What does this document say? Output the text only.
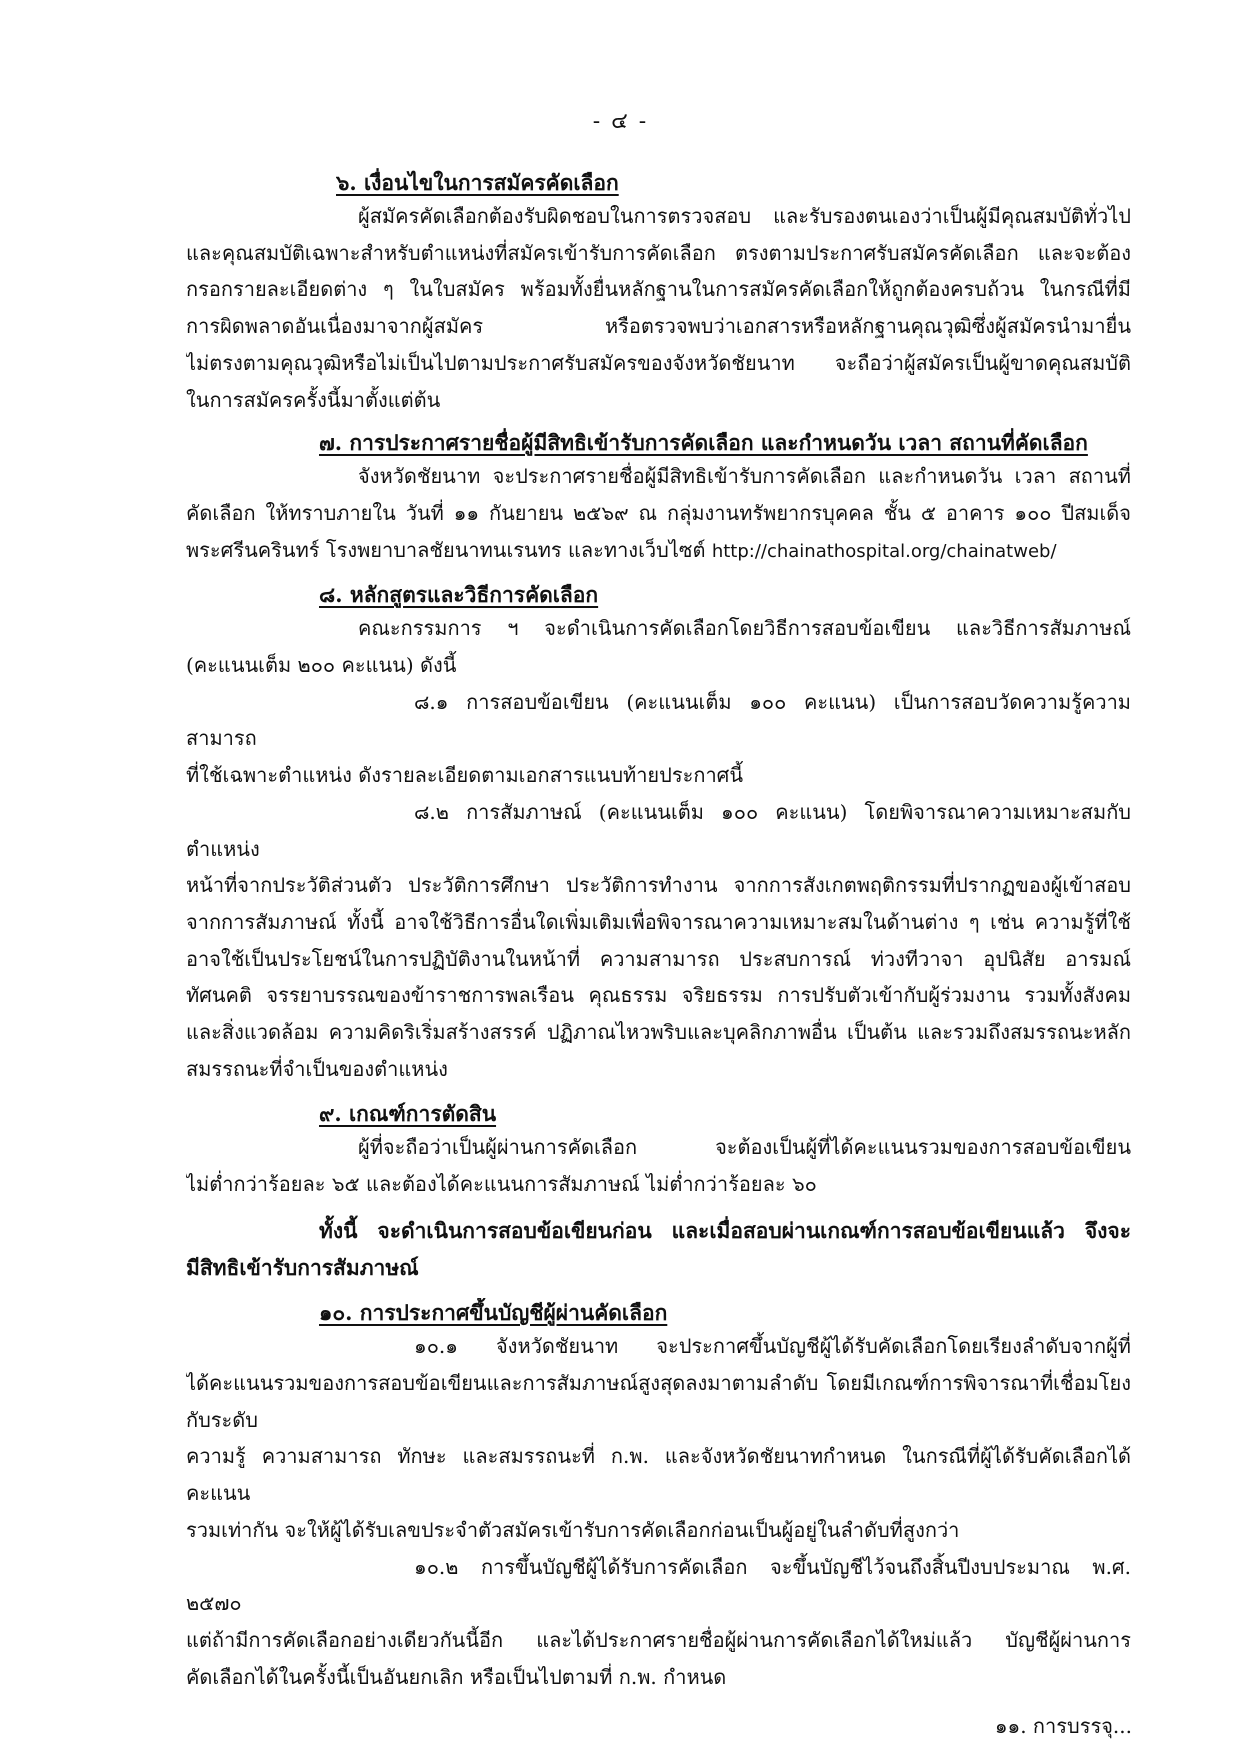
- ๔ -
๖. เงื่อนไขในการสมัครคัดเลือก

ผู้สมัครคัดเลือกต้องรับผิดชอบในการตรวจสอบ และรับรองตนเองว่าเป็นผู้มีคุณสมบัติทั่วไป

และคุณสมบัติเฉพาะสำหรับตำแหน่งที่สมัครเข้ารับการคัดเลือก ตรงตามประกาศรับสมัครคัดเลือก และจะต้อง

กรอกรายละเอียดต่าง ๆ ในใบสมัคร พร้อมทั้งยื่นหลักฐานในการสมัครคัดเลือกให้ถูกต้องครบถ้วน ในกรณีที่มี

การผิดพลาดอันเนื่องมาจากผู้สมัคร หรือตรวจพบว่าเอกสารหรือหลักฐานคุณวุฒิซึ่งผู้สมัครนำมายื่น

ไม่ตรงตามคุณวุฒิหรือไม่เป็นไปตามประกาศรับสมัครของจังหวัดชัยนาท จะถือว่าผู้สมัครเป็นผู้ขาดคุณสมบัติ

ในการสมัครครั้งนี้มาตั้งแต่ต้น

๗. การประกาศรายชื่อผู้มีสิทธิเข้ารับการคัดเลือก และกำหนดวัน เวลา สถานที่คัดเลือก

จังหวัดชัยนาท จะประกาศรายชื่อผู้มีสิทธิเข้ารับการคัดเลือก และกำหนดวัน เวลา สถานที่

คัดเลือก ให้ทราบภายใน วันที่ ๑๑ กันยายน ๒๕๖๙ ณ กลุ่มงานทรัพยากรบุคคล ชั้น ๕ อาคาร ๑๐๐ ปีสมเด็จ

พระศรีนครินทร์ โรงพยาบาลชัยนาทนเรนทร และทางเว็บไซต์ http://chainathospital.org/chainatweb/

๘. หลักสูตรและวิธีการคัดเลือก

คณะกรรมการ ฯ จะดำเนินการคัดเลือกโดยวิธีการสอบข้อเขียน และวิธีการสัมภาษณ์

(คะแนนเต็ม ๒๐๐ คะแนน) ดังนี้

๘.๑ การสอบข้อเขียน (คะแนนเต็ม ๑๐๐ คะแนน) เป็นการสอบวัดความรู้ความสามารถ

ที่ใช้เฉพาะตำแหน่ง ดังรายละเอียดตามเอกสารแนบท้ายประกาศนี้

๘.๒ การสัมภาษณ์ (คะแนนเต็ม ๑๐๐ คะแนน) โดยพิจารณาความเหมาะสมกับตำแหน่ง

หน้าที่จากประวัติส่วนตัว ประวัติการศึกษา ประวัติการทำงาน จากการสังเกตพฤติกรรมที่ปรากฏของผู้เข้าสอบ

จากการสัมภาษณ์ ทั้งนี้ อาจใช้วิธีการอื่นใดเพิ่มเติมเพื่อพิจารณาความเหมาะสมในด้านต่าง ๆ เช่น ความรู้ที่ใช้

อาจใช้เป็นประโยชน์ในการปฏิบัติงานในหน้าที่ ความสามารถ ประสบการณ์ ท่วงทีวาจา อุปนิสัย อารมณ์

ทัศนคติ จรรยาบรรณของข้าราชการพลเรือน คุณธรรม จริยธรรม การปรับตัวเข้ากับผู้ร่วมงาน รวมทั้งสังคม

และสิ่งแวดล้อม ความคิดริเริ่มสร้างสรรค์ ปฏิภาณไหวพริบและบุคลิกภาพอื่น เป็นต้น และรวมถึงสมรรถนะหลัก

สมรรถนะที่จำเป็นของตำแหน่ง

๙. เกณฑ์การตัดสิน

ผู้ที่จะถือว่าเป็นผู้ผ่านการคัดเลือก จะต้องเป็นผู้ที่ได้คะแนนรวมของการสอบข้อเขียน

ไม่ต่ำกว่าร้อยละ ๖๕ และต้องได้คะแนนการสัมภาษณ์ ไม่ต่ำกว่าร้อยละ ๖๐

ทั้งนี้ จะดำเนินการสอบข้อเขียนก่อน และเมื่อสอบผ่านเกณฑ์การสอบข้อเขียนแล้ว จึงจะ

มีสิทธิเข้ารับการสัมภาษณ์

๑๐. การประกาศขึ้นบัญชีผู้ผ่านคัดเลือก

๑๐.๑ จังหวัดชัยนาท จะประกาศขึ้นบัญชีผู้ได้รับคัดเลือกโดยเรียงลำดับจากผู้ที่

ได้คะแนนรวมของการสอบข้อเขียนและการสัมภาษณ์สูงสุดลงมาตามลำดับ โดยมีเกณฑ์การพิจารณาที่เชื่อมโยงกับระดับ

ความรู้ ความสามารถ ทักษะ และสมรรถนะที่ ก.พ. และจังหวัดชัยนาทกำหนด ในกรณีที่ผู้ได้รับคัดเลือกได้คะแนน

รวมเท่ากัน จะให้ผู้ได้รับเลขประจำตัวสมัครเข้ารับการคัดเลือกก่อนเป็นผู้อยู่ในลำดับที่สูงกว่า

๑๐.๒ การขึ้นบัญชีผู้ได้รับการคัดเลือก จะขึ้นบัญชีไว้จนถึงสิ้นปีงบประมาณ พ.ศ. ๒๕๗๐

แต่ถ้ามีการคัดเลือกอย่างเดียวกันนี้อีก และได้ประกาศรายชื่อผู้ผ่านการคัดเลือกได้ใหม่แล้ว บัญชีผู้ผ่านการ

คัดเลือกได้ในครั้งนี้เป็นอันยกเลิก หรือเป็นไปตามที่ ก.พ. กำหนด

๑๑. การบรรจุ...
